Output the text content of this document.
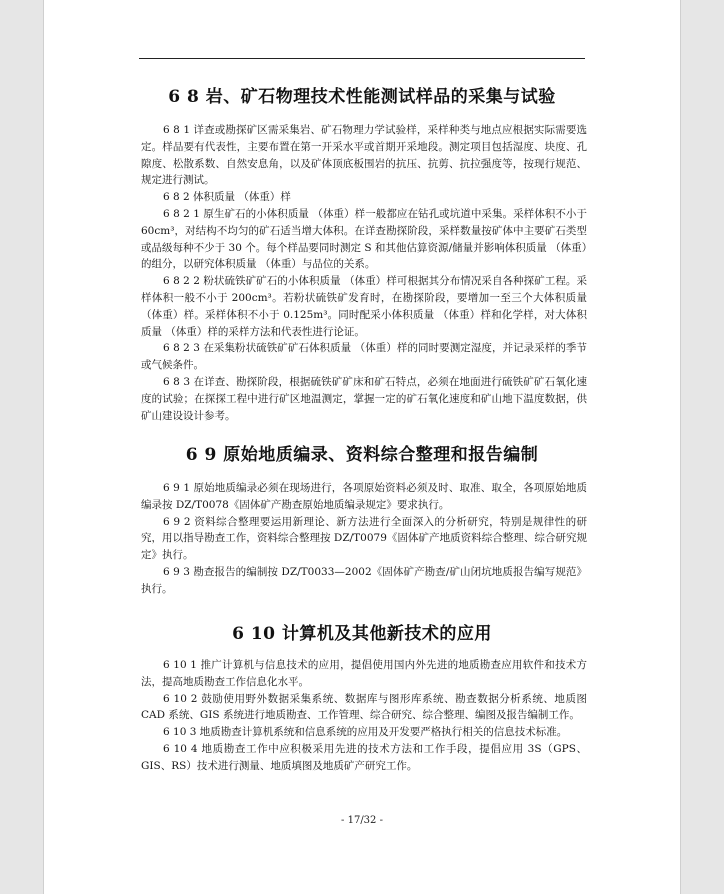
6 8 岩、矿石物理技术性能测试样品的采集与试验

6 8 1 详查或勘探矿区需采集岩、矿石物理力学试验样，采样种类与地点应根据实际需要选定。样品要有代表性，主要布置在第一开采水平或首期开采地段。测定项目包括湿度、块度、孔隙度、松散系数、自然安息角，以及矿体顶底板围岩的抗压、抗剪、抗拉强度等，按现行规范、规定进行测试。

6 8 2 体积质量 （体重）样

6 8 2 1 原生矿石的小体积质量 （体重）样一般都应在钻孔或坑道中采集。采样体积不小于 60cm³，对结构不均匀的矿石适当增大体积。在详查勘探阶段，采样数量按矿体中主要矿石类型或品级每种不少于 30 个。每个样品要同时测定 S 和其他估算资源/储量并影响体积质量 （体重）的组分，以研究体积质量 （体重）与品位的关系。

6 8 2 2 粉状硫铁矿矿石的小体积质量 （体重）样可根据其分布情况采自各种探矿工程。采样体积一般不小于 200cm³。若粉状硫铁矿发育时，在勘探阶段，要增加一至三个大体积质量 （体重）样。采样体积不小于 0.125m³。同时配采小体积质量 （体重）样和化学样，对大体积质量 （体重）样的采样方法和代表性进行论证。

6 8 2 3 在采集粉状硫铁矿矿石体积质量 （体重）样的同时要测定湿度，并记录采样的季节或气候条件。

6 8 3 在详查、勘探阶段，根据硫铁矿矿床和矿石特点，必须在地面进行硫铁矿矿石氧化速度的试验；在探探工程中进行矿区地温测定，掌握一定的矿石氧化速度和矿山地下温度数据，供矿山建设设计参考。

6 9 原始地质编录、资料综合整理和报告编制

6 9 1 原始地质编录必须在现场进行，各项原始资料必须及时、取准、取全，各项原始地质编录按 DZ/T0078《固体矿产勘查原始地质编录规定》要求执行。

6 9 2 资料综合整理要运用新理论、新方法进行全面深入的分析研究，特别是规律性的研究，用以指导勘查工作，资料综合整理按 DZ/T0079《固体矿产地质资料综合整理、综合研究规定》执行。

6 9 3 勘查报告的编制按 DZ/T0033—2002《固体矿产勘查/矿山闭坑地质报告编写规范》执行。

6 10 计算机及其他新技术的应用

6 10 1 推广计算机与信息技术的应用，提倡使用国内外先进的地质勘查应用软件和技术方法，提高地质勘查工作信息化水平。

6 10 2 鼓励使用野外数据采集系统、数据库与图形库系统、勘查数据分析系统、地质图 CAD 系统、GIS 系统进行地质勘查、工作管理、综合研究、综合整理、编图及报告编制工作。

6 10 3 地质勘查计算机系统和信息系统的应用及开发要严格执行相关的信息技术标准。

6 10 4 地质勘查工作中应积极采用先进的技术方法和工作手段，提倡应用 3S（GPS、GIS、RS）技术进行测量、地质填图及地质矿产研究工作。

- 17/32 -
